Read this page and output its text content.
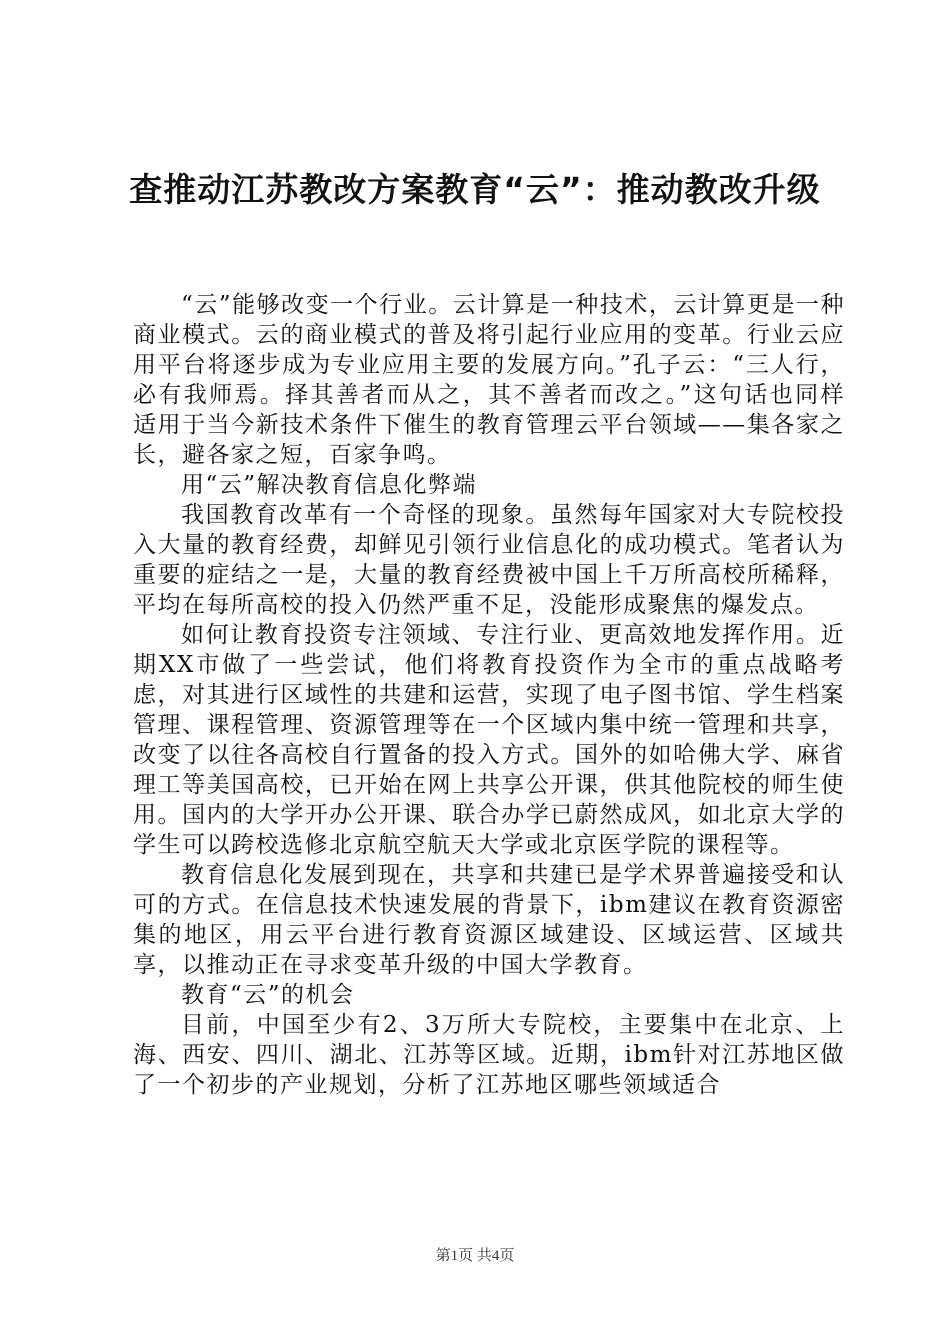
查推动江苏教改方案教育“云”：推动教改升级

“云”能够改变一个行业。云计算是一种技术，云计算更是一种商业模式。云的商业模式的普及将引起行业应用的变革。行业云应用平台将逐步成为专业应用主要的发展方向。”孔子云：“三人行，必有我师焉。择其善者而从之，其不善者而改之。”这句话也同样适用于当今新技术条件下催生的教育管理云平台领域——集各家之长，避各家之短，百家争鸣。

用“云”解决教育信息化弊端

我国教育改革有一个奇怪的现象。虽然每年国家对大专院校投入大量的教育经费，却鲜见引领行业信息化的成功模式。笔者认为重要的症结之一是，大量的教育经费被中国上千万所高校所稀释，平均在每所高校的投入仍然严重不足，没能形成聚焦的爆发点。

如何让教育投资专注领域、专注行业、更高效地发挥作用。近期XX市做了一些尝试，他们将教育投资作为全市的重点战略考虑，对其进行区域性的共建和运营，实现了电子图书馆、学生档案管理、课程管理、资源管理等在一个区域内集中统一管理和共享，改变了以往各高校自行置备的投入方式。国外的如哈佛大学、麻省理工等美国高校，已开始在网上共享公开课，供其他院校的师生使用。国内的大学开办公开课、联合办学已蔚然成风，如北京大学的学生可以跨校选修北京航空航天大学或北京医学院的课程等。

教育信息化发展到现在，共享和共建已是学术界普遍接受和认可的方式。在信息技术快速发展的背景下，ibm建议在教育资源密集的地区，用云平台进行教育资源区域建设、区域运营、区域共享，以推动正在寻求变革升级的中国大学教育。

教育“云”的机会

目前，中国至少有2、3万所大专院校，主要集中在北京、上海、西安、四川、湖北、江苏等区域。近期，ibm针对江苏地区做了一个初步的产业规划，分析了江苏地区哪些领域适合

第1页 共4页
